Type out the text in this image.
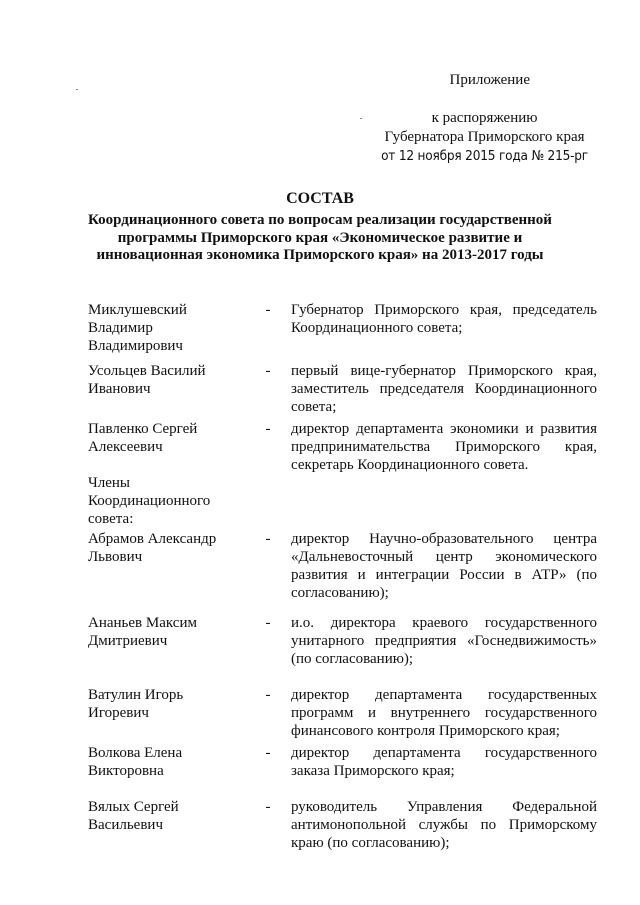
Приложение
к распоряжению
Губернатора Приморского края
от 12 ноября 2015 года № 215-рг
СОСТАВ
Координационного совета по вопросам реализации государственной программы Приморского края «Экономическое развитие и инновационная экономика Приморского края» на 2013-2017 годы
Миклушевский Владимир Владимирович
- Губернатор Приморского края, председатель Координационного совета;
Усольцев Василий Иванович
- первый вице-губернатор Приморского края, заместитель председателя Координационного совета;
Павленко Сергей Алексеевич
- директор департамента экономики и развития предпринимательства Приморского края, секретарь Координационного совета.
Члены Координационного совета:
Абрамов Александр Львович
- директор Научно-образовательного центра «Дальневосточный центр экономического развития и интеграции России в АТР» (по согласованию);
Ананьев Максим Дмитриевич
- и.о. директора краевого государственного унитарного предприятия «Госнедвижимость» (по согласованию);
Ватулин Игорь Игоревич
- директор департамента государственных программ и внутреннего государственного финансового контроля Приморского края;
Волкова Елена Викторовна
- директор департамента государственного заказа Приморского края;
Вялых Сергей Васильевич
- руководитель Управления Федеральной антимонопольной службы по Приморскому краю (по согласованию);
